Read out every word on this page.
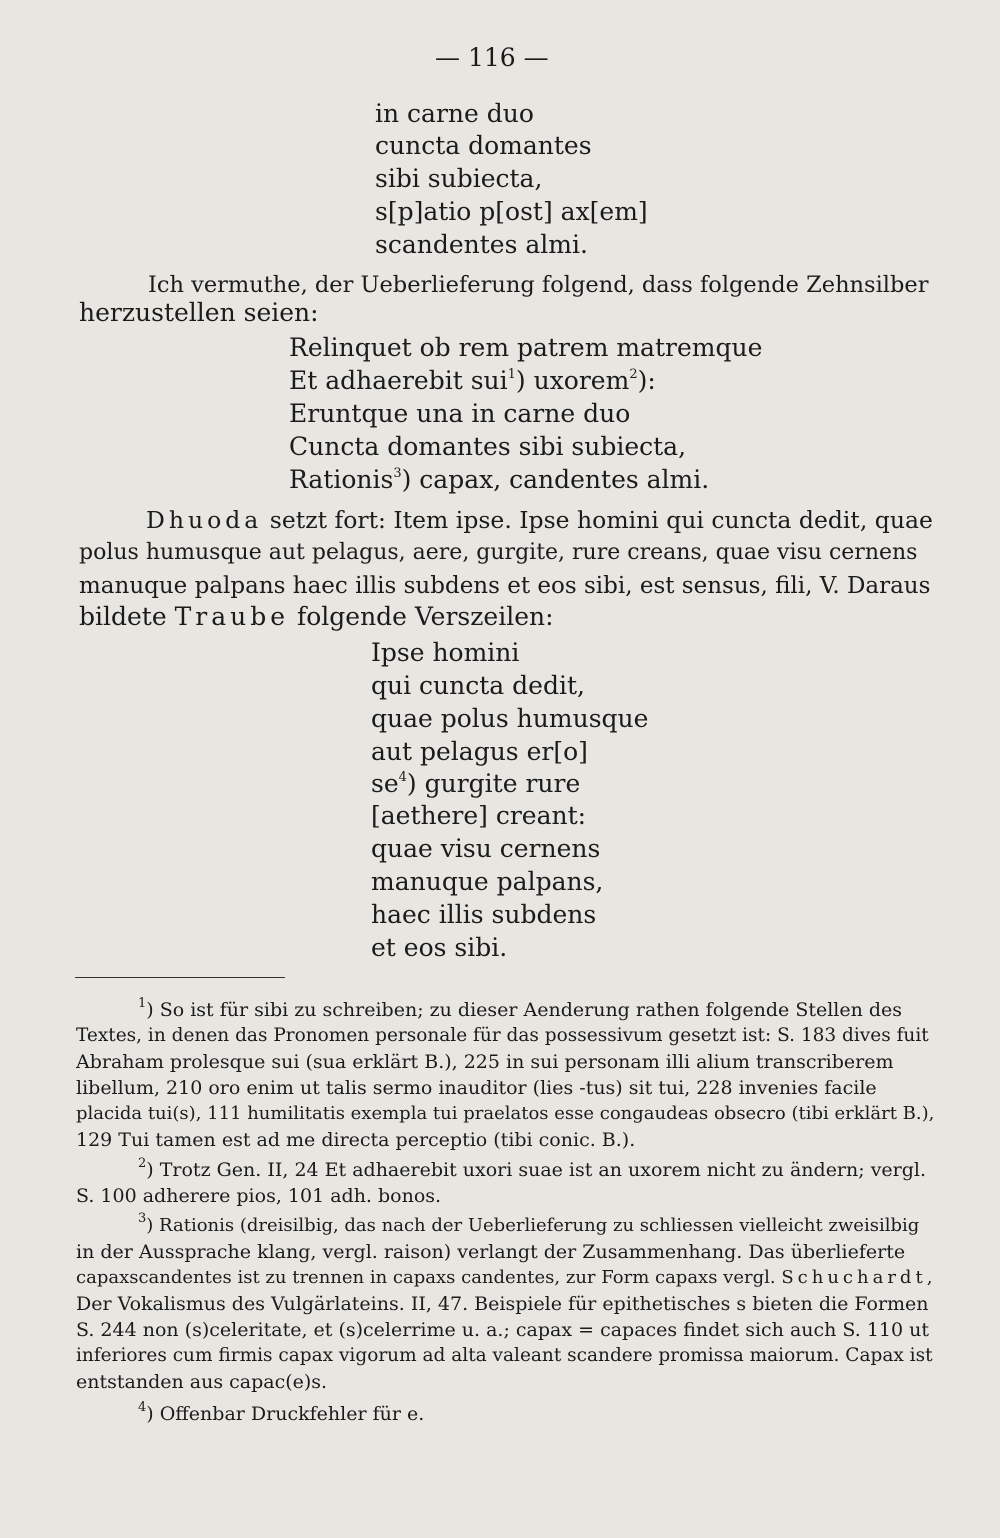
— 116 —
in carne duo
cuncta domantes
sibi subiecta,
s[p]atio p[ost] ax[em]
scandentes almi.
Ich vermuthe, der Ueberlieferung folgend, dass folgende Zehnsilber
herzustellen seien:
Relinquet ob rem patrem matremque
Et adhaerebit sui$^1$) uxorem$^2$):
Eruntque una in carne duo
Cuncta domantes sibi subiecta,
Rationis$^3$) capax, candentes almi.
Dhuoda setzt fort: Item ipse. Ipse homini qui cuncta dedit, quae
polus humusque aut pelagus, aere, gurgite, rure creans, quae visu cernens
manuque palpans haec illis subdens et eos sibi, est sensus, fili, V. Daraus
bildete Traube folgende Verszeilen:
Ipse homini
qui cuncta dedit,
quae polus humusque
aut pelagus er[o]
$se^4$) gurgite rure
[aethere] creant:
quae visu cernens
manuque palpans,
haec illis subdens
et eos sibi.
$^1$) So ist für sibi zu schreiben; zu dieser Aenderung rathen folgende Stellen des
Textes, in denen das Pronomen personale für das possessivum gesetzt ist: S. 183 dives fuit
Abraham prolesque sui (sua erklärt B.), 225 in sui personam illi alium transcriberem
libellum, 210 oro enim ut talis sermo inauditor (lies -tus) sit tui, 228 invenies facile
placida tui(s), 111 humilitatis exempla tui praelatos esse congaudeas obsecro (tibi erklärt B.),
129 Tui tamen est ad me directa perceptio (tibi conic. B.).
$^2$) Trotz Gen. II, 24 Et adhaerebit uxori suae ist an uxorem nicht zu ändern; vergl.
S. 100 adherere pios, 101 adh. bonos.
$^3$) Rationis (dreisilbig, das nach der Ueberlieferung zu schliessen vielleicht zweisilbig
in der Aussprache klang, vergl. raison) verlangt der Zusammenhang. Das überlieferte
capaxscandentes ist zu trennen in capaxs candentes, zur Form capaxs vergl. Schuchardt,
Der Vokalismus des Vulgärlateins. II, 47. Beispiele für epithetisches s bieten die Formen
S. 244 non (s)celeritate, et (s)celerrime u. a.; capax = capaces findet sich auch S. 110 ut
inferiores cum firmis capax vigorum ad alta valeant scandere promissa maiorum. Capax ist
entstanden aus capac(e)s.
$^4$) Offenbar Druckfehler für e.
